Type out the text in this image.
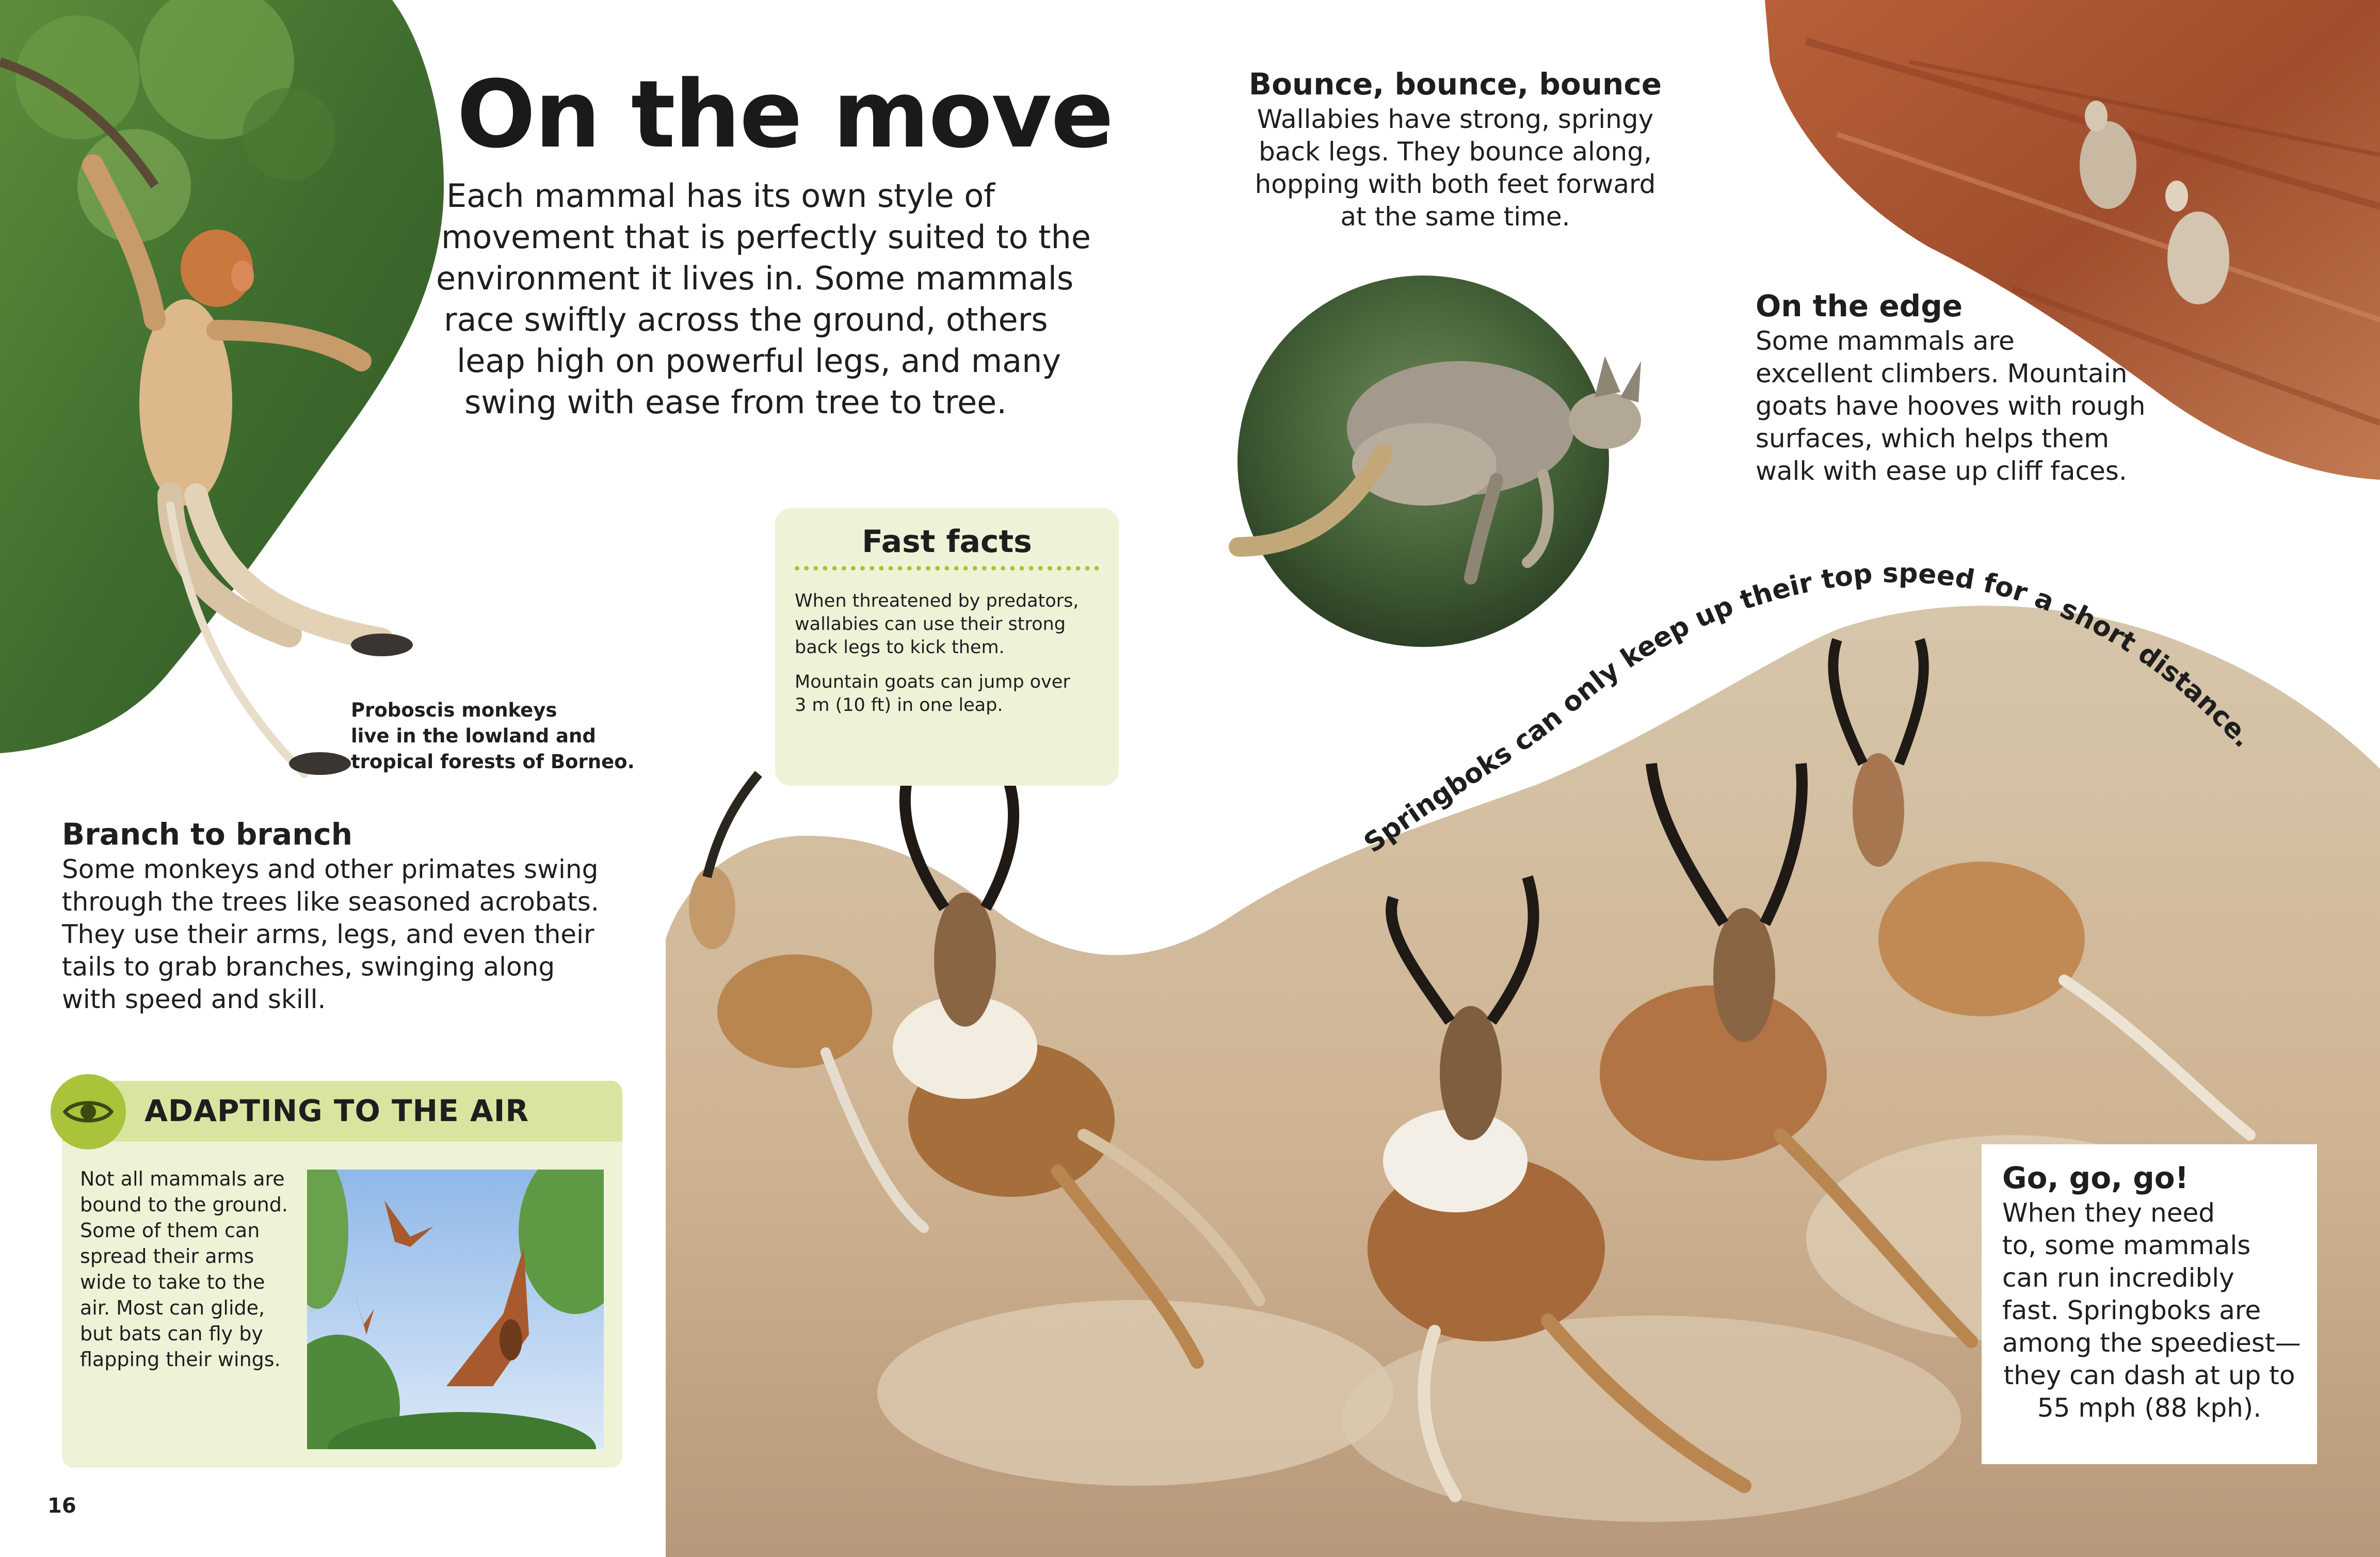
On the move
Each mammal has its own style of
movement that is perfectly suited to the
environment it lives in. Some mammals
race swiftly across the ground, others
leap high on powerful legs, and many
swing with ease from tree to tree.
Proboscis monkeys
live in the lowland and
tropical forests of Borneo.
Branch to branch
Some monkeys and other primates swing
through the trees like seasoned acrobats.
They use their arms, legs, and even their
tails to grab branches, swinging along
with speed and skill.
Bounce, bounce, bounce
Wallabies have strong, springy
back legs. They bounce along,
hopping with both feet forward
at the same time.
On the edge
Some mammals are
excellent climbers. Mountain
goats have hooves with rough
surfaces, which helps them
walk with ease up cliff faces.
Fast facts
When threatened by predators,
wallabies can use their strong
back legs to kick them.
Mountain goats can jump over
3 m (10 ft) in one leap.
ADAPTING TO THE AIR
Not all mammals are
bound to the ground.
Some of them can
spread their arms
wide to take to the
air. Most can glide,
but bats can fly by
flapping their wings.
Springboks can only keep up their top speed for a short distance.
Go, go, go!
When they need
to, some mammals
can run incredibly
fast. Springboks are
among the speediest—
they can dash at up to
55 mph (88 kph).
16
